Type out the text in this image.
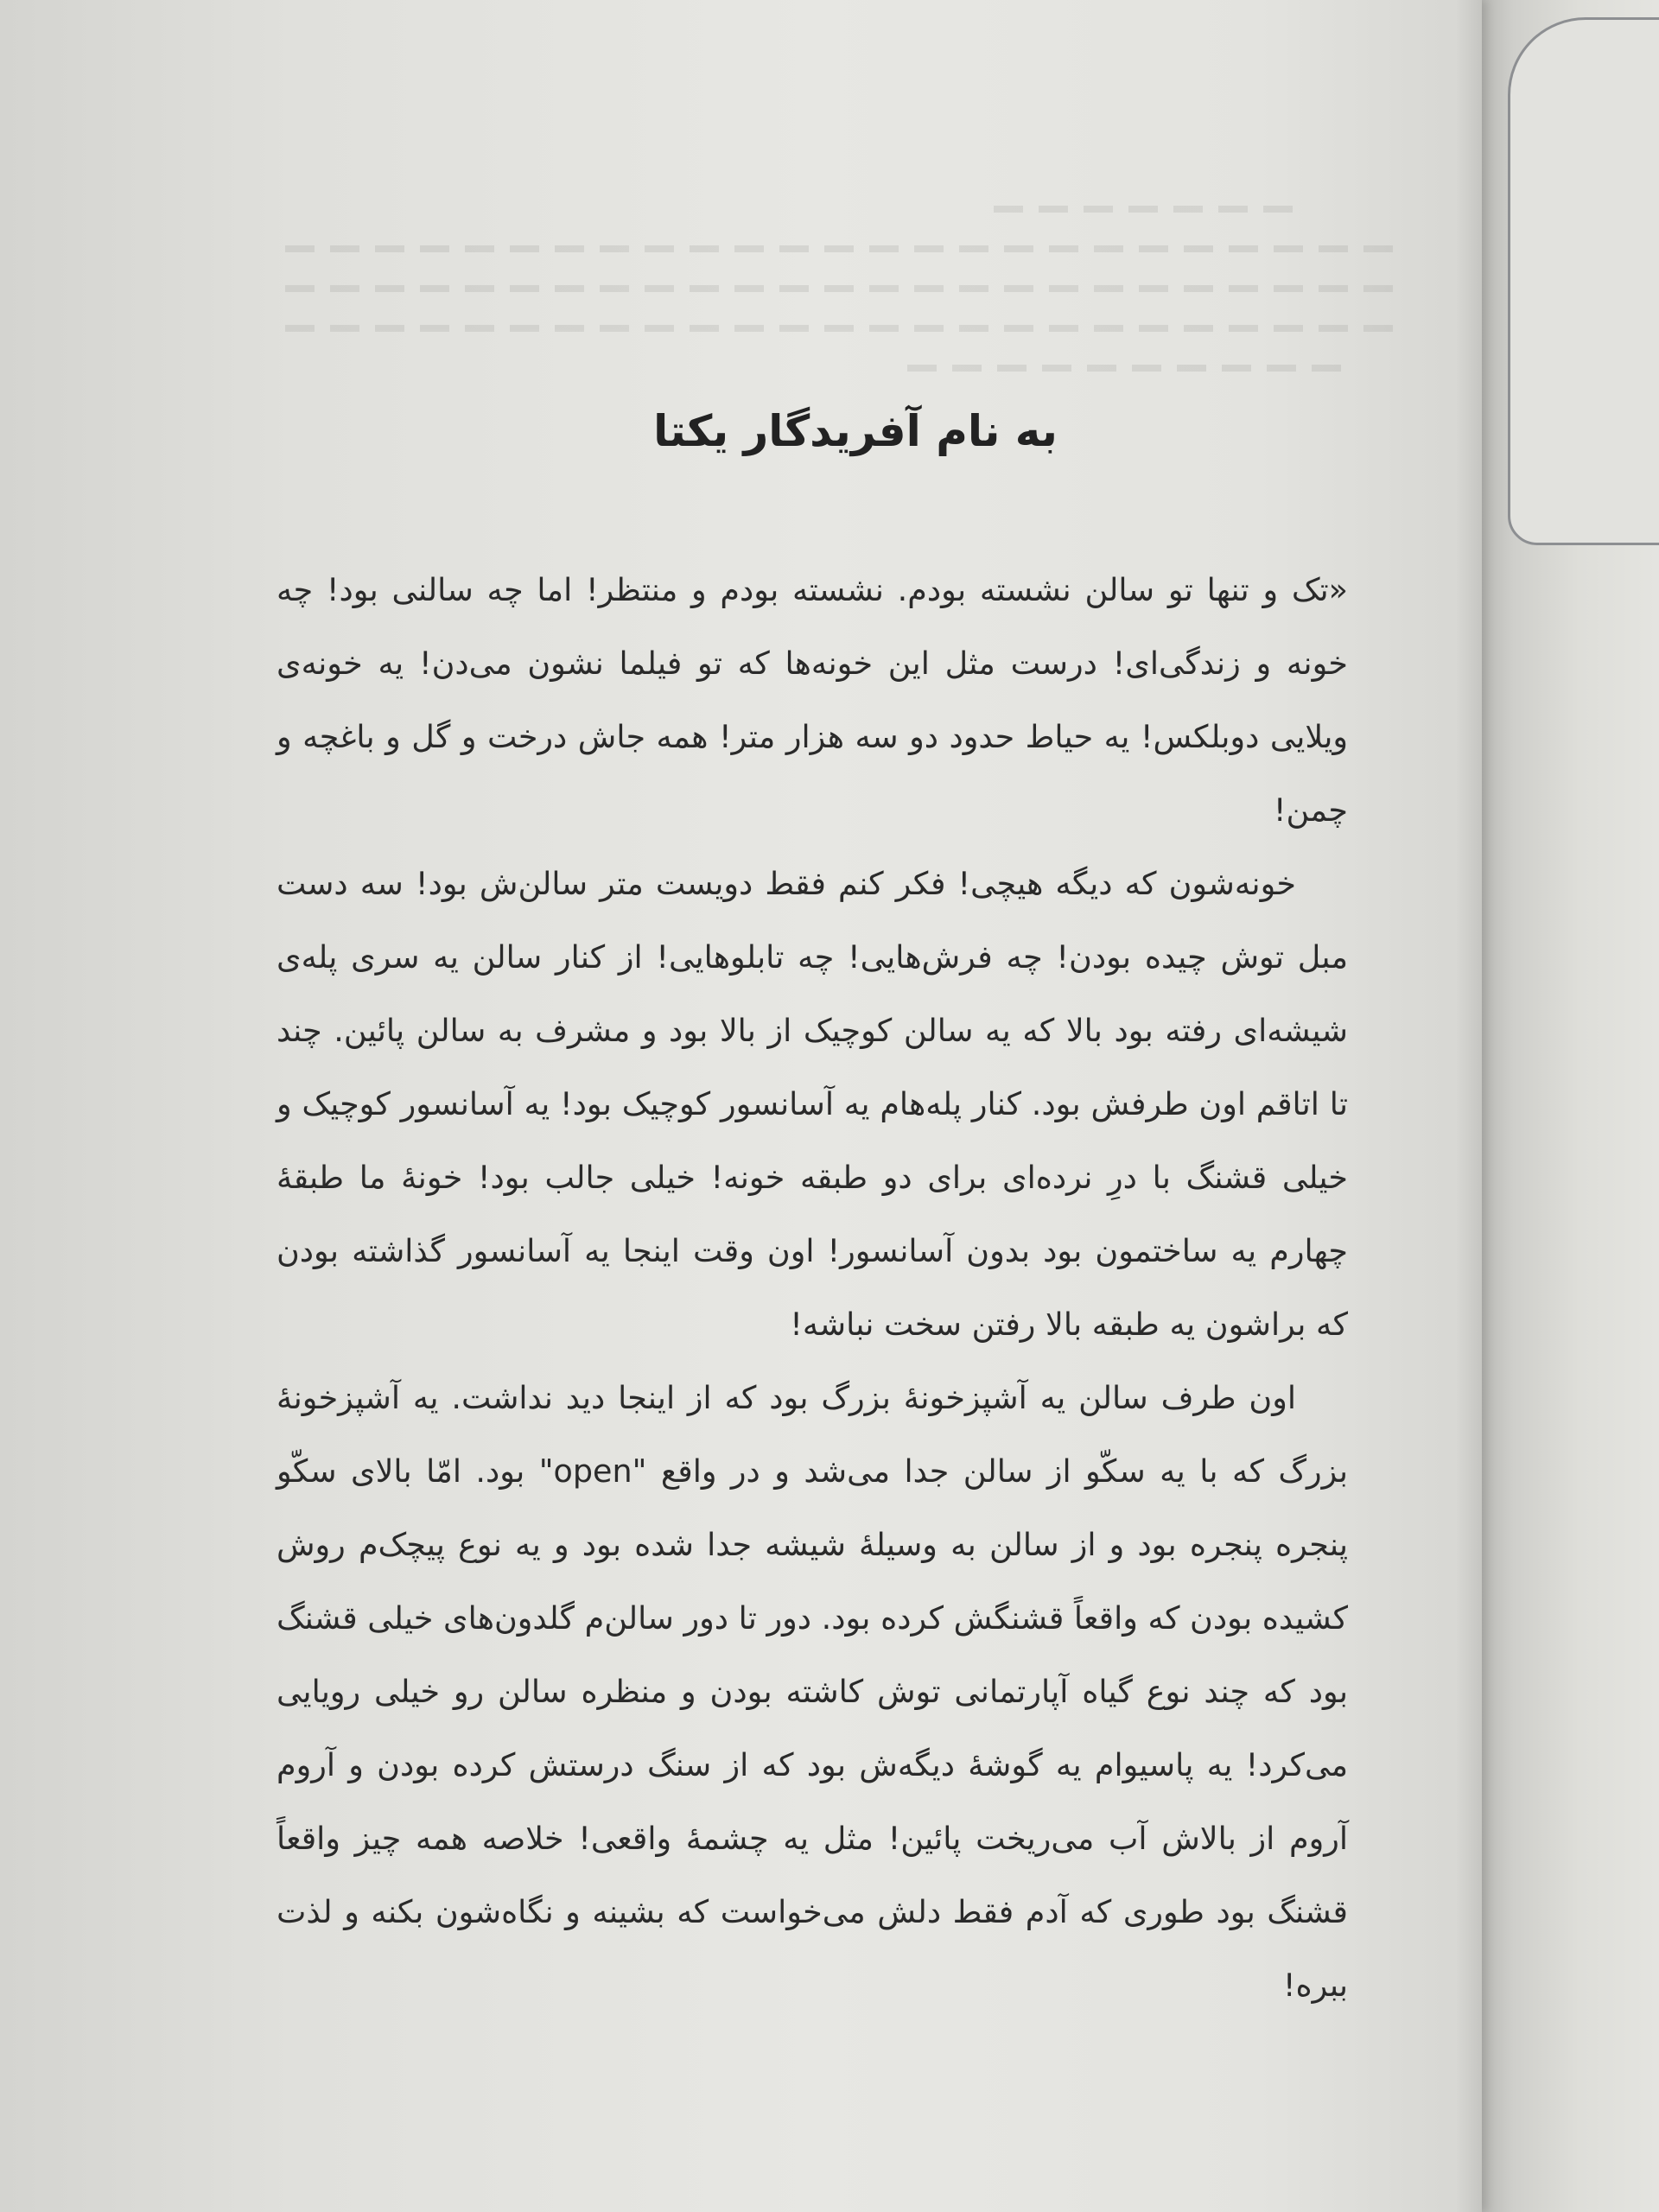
به نام آفریدگار یکتا

«تک و تنها تو سالن نشسته بودم. نشسته بودم و منتظر! اما چه سالنی بود! چه خونه و زندگی‌ای! درست مثل این خونه‌ها که تو فیلما نشون می‌دن! یه خونه‌ی ویلایی دوبلکس! یه حیاط حدود دو سه هزار متر! همه جاش درخت و گل و باغچه و چمن!

خونه‌شون که دیگه هیچی! فکر کنم فقط دویست متر سالن‌ش بود! سه دست مبل توش چیده بودن! چه فرش‌هایی! چه تابلوهایی! از کنار سالن یه سری پله‌ی شیشه‌ای رفته بود بالا که یه سالن کوچیک از بالا بود و مشرف به سالن پائین. چند تا اتاقم اون طرفش بود. کنار پله‌هام یه آسانسور کوچیک بود! یه آسانسور کوچیک و خیلی قشنگ با درِ نرده‌ای برای دو طبقه خونه! خیلی جالب بود! خونهٔ ما طبقهٔ چهارم یه ساختمون بود بدون آسانسور! اون وقت اینجا یه آسانسور گذاشته بودن که براشون یه طبقه بالا رفتن سخت نباشه!

اون طرف سالن یه آشپزخونهٔ بزرگ بود که از اینجا دید نداشت. یه آشپزخونهٔ بزرگ که با یه سکّو از سالن جدا می‌شد و در واقع "open" بود. امّا بالای سکّو پنجره پنجره بود و از سالن به وسیلهٔ شیشه جدا شده بود و یه نوع پیچک‌م روش کشیده بودن که واقعاً قشنگش کرده بود. دور تا دور سالن‌م گلدون‌های خیلی قشنگ بود که چند نوع گیاه آپارتمانی توش کاشته بودن و منظره سالن رو خیلی رویایی می‌کرد! یه پاسیوام یه گوشهٔ دیگه‌ش بود که از سنگ درستش کرده بودن و آروم آروم از بالاش آب می‌ریخت پائین! مثل یه چشمهٔ واقعی! خلاصه همه چیز واقعاً قشنگ بود طوری که آدم فقط دلش می‌خواست که بشینه و نگاه‌شون بکنه و لذت ببره!
